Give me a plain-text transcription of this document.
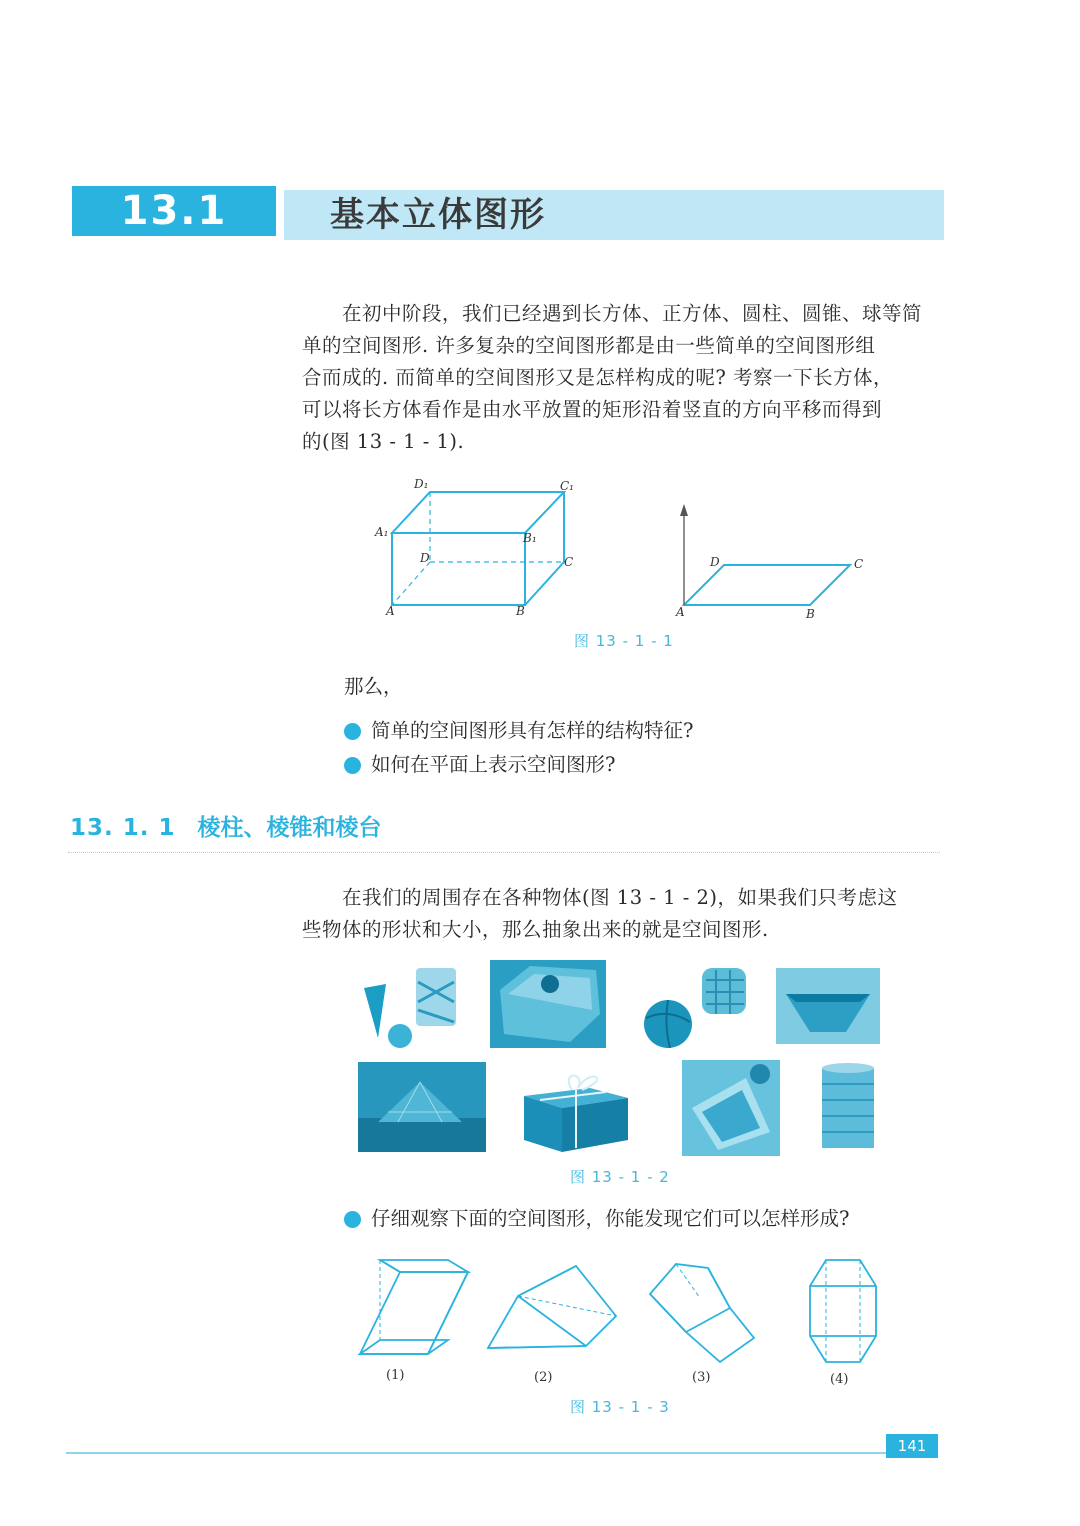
13.1	基本立体图形
在初中阶段，我们已经遇到长方体、正方体、圆柱、圆锥、球等简
单的空间图形. 许多复杂的空间图形都是由一些简单的空间图形组
合而成的. 而简单的空间图形又是怎样构成的呢? 考察一下长方体，
可以将长方体看作是由水平放置的矩形沿着竖直的方向平移而得到
的(图 13 - 1 - 1).
D₁	C₁
A₁	B₁
D	C
A	B
D	C
A	B
图 13 - 1 - 1
那么，
简单的空间图形具有怎样的结构特征?
如何在平面上表示空间图形?
13. 1. 1 棱柱、棱锥和棱台
在我们的周围存在各种物体(图 13 - 1 - 2)，如果我们只考虑这
些物体的形状和大小，那么抽象出来的就是空间图形.
图 13 - 1 - 2
仔细观察下面的空间图形，你能发现它们可以怎样形成?
(1)	(2)	(3)	(4)
图 13 - 1 - 3
141
